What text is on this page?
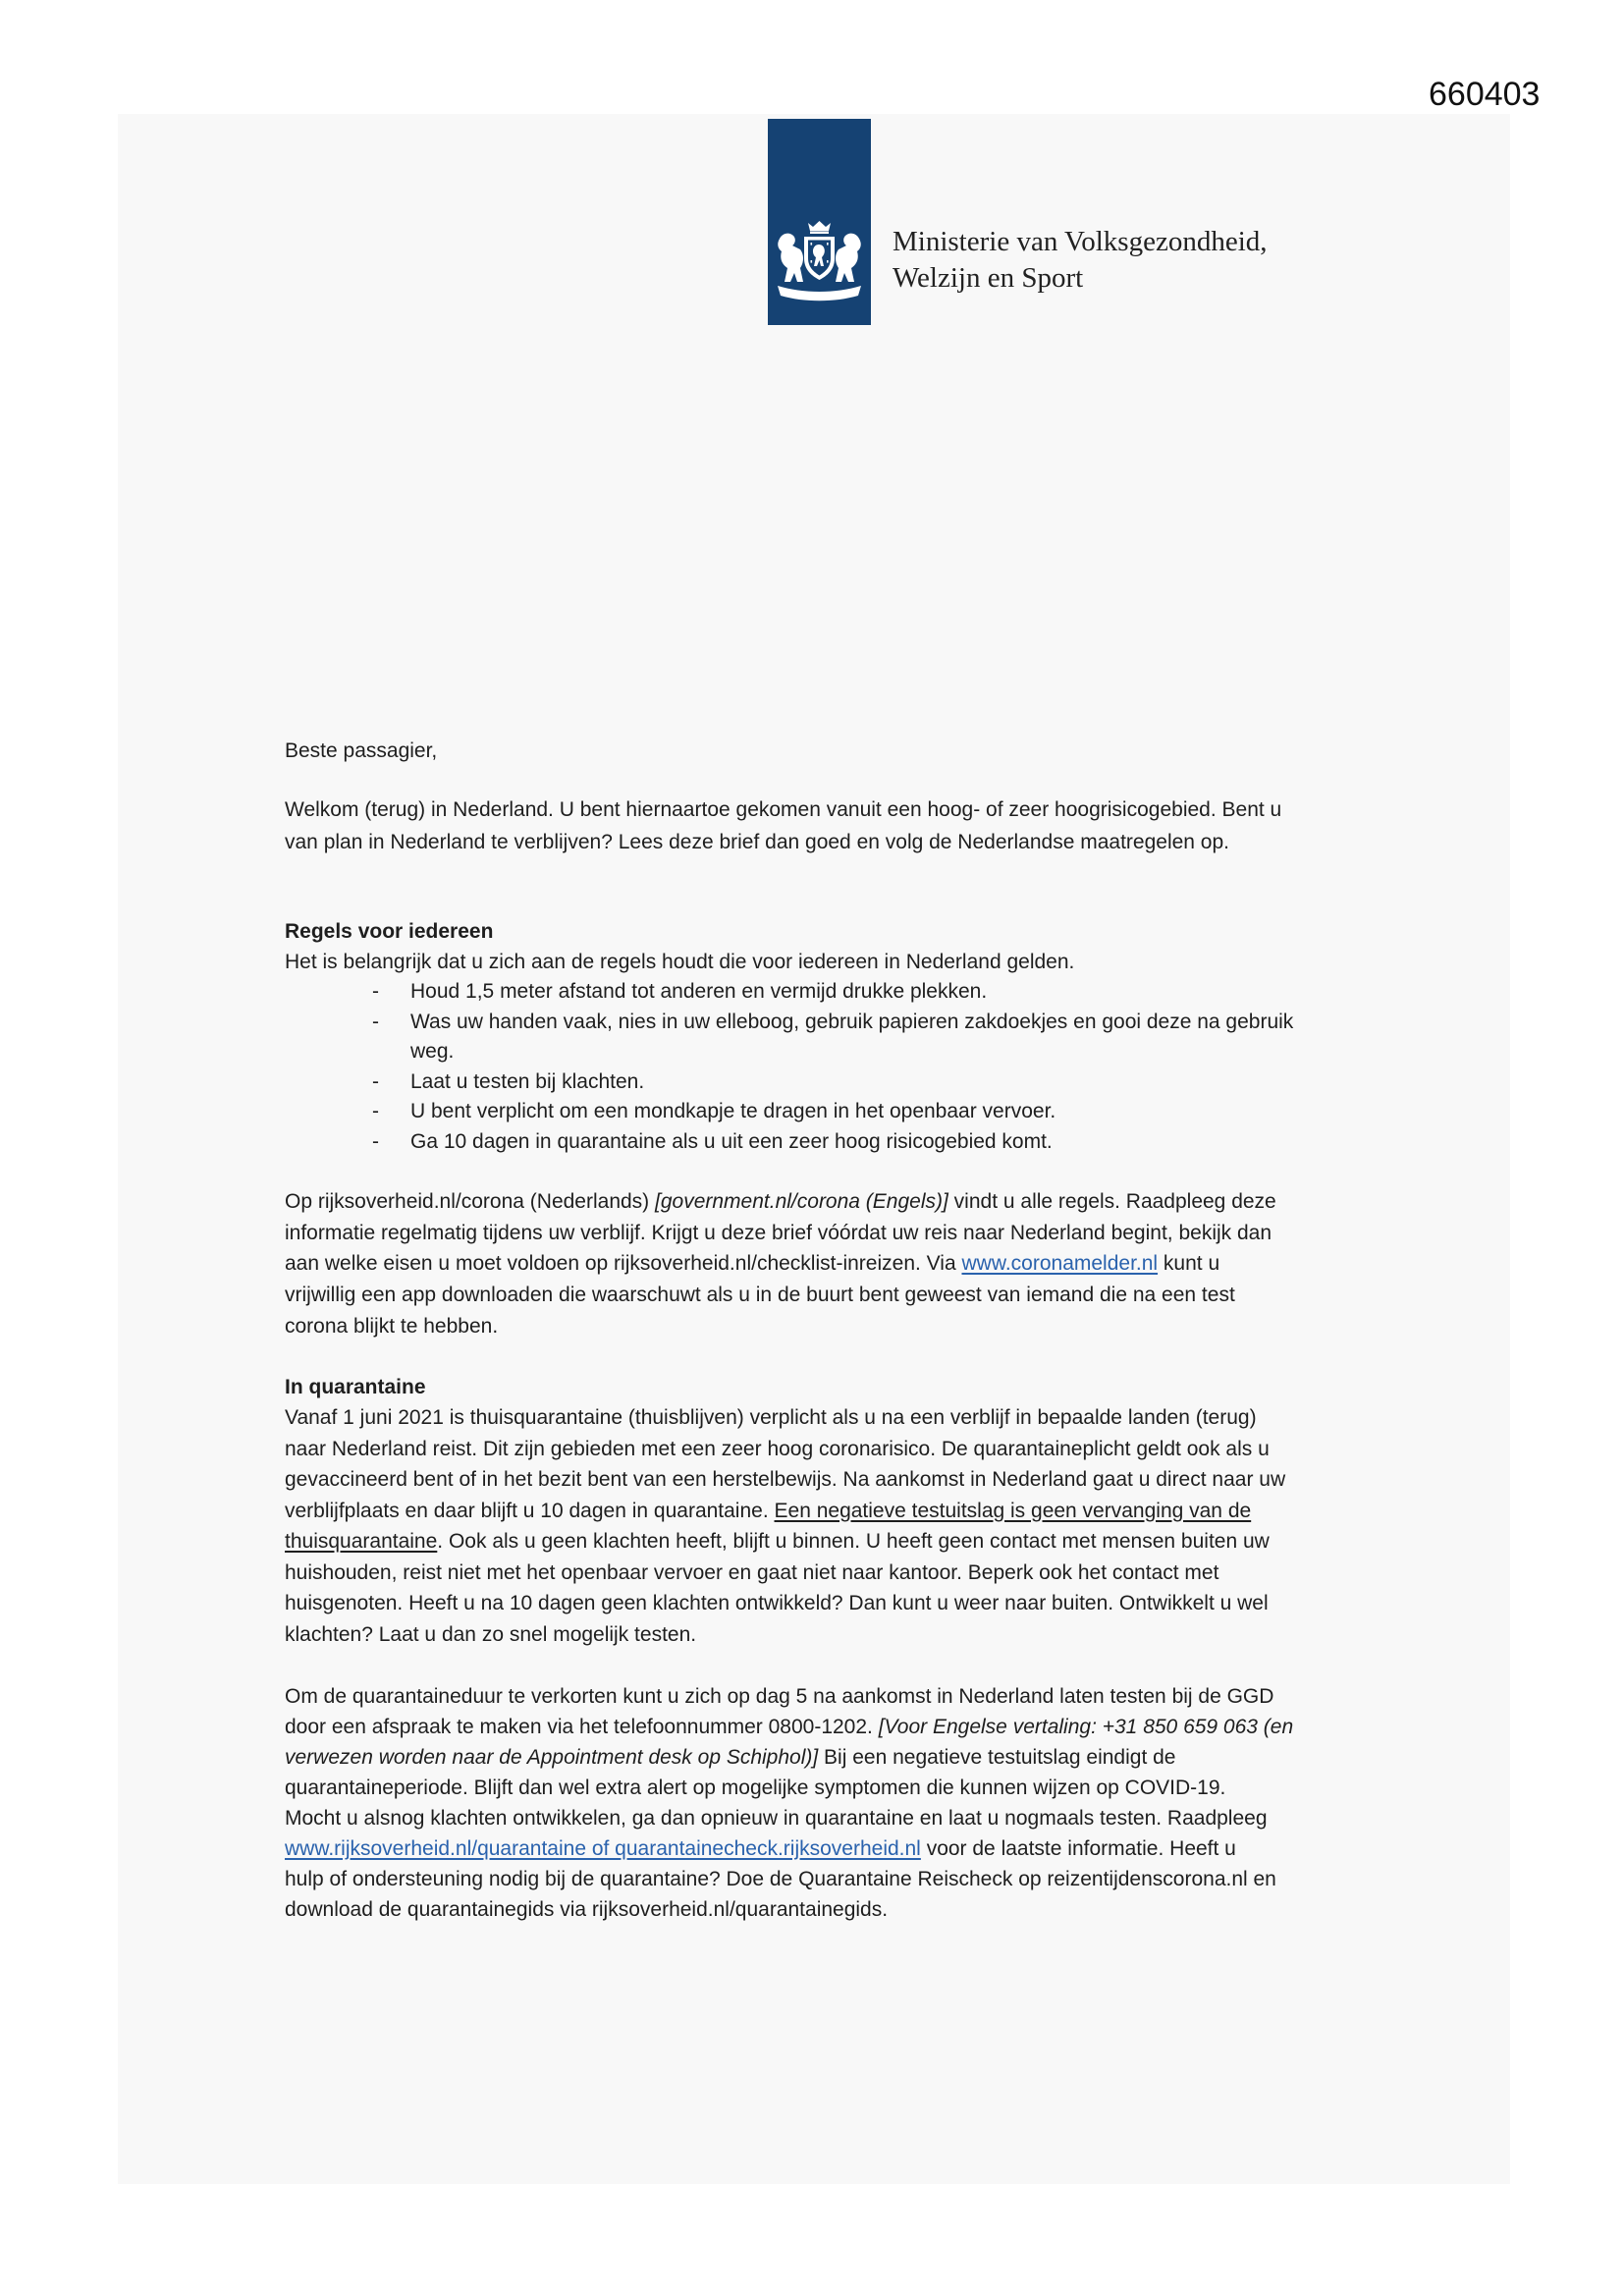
660403
Ministerie van Volksgezondheid,
Welzijn en Sport
Beste passagier,
Welkom (terug) in Nederland. U bent hiernaartoe gekomen vanuit een hoog- of zeer hoogrisicogebied. Bent u
van plan in Nederland te verblijven? Lees deze brief dan goed en volg de Nederlandse maatregelen op.
Regels voor iedereen
Het is belangrijk dat u zich aan de regels houdt die voor iedereen in Nederland gelden.
- Houd 1,5 meter afstand tot anderen en vermijd drukke plekken.
- Was uw handen vaak, nies in uw elleboog, gebruik papieren zakdoekjes en gooi deze na gebruik
weg.
- Laat u testen bij klachten.
- U bent verplicht om een mondkapje te dragen in het openbaar vervoer.
- Ga 10 dagen in quarantaine als u uit een zeer hoog risicogebied komt.
Op rijksoverheid.nl/corona (Nederlands) [government.nl/corona (Engels)] vindt u alle regels. Raadpleeg deze
informatie regelmatig tijdens uw verblijf. Krijgt u deze brief vóórdat uw reis naar Nederland begint, bekijk dan
aan welke eisen u moet voldoen op rijksoverheid.nl/checklist-inreizen. Via www.coronamelder.nl kunt u
vrijwillig een app downloaden die waarschuwt als u in de buurt bent geweest van iemand die na een test
corona blijkt te hebben.
In quarantaine
Vanaf 1 juni 2021 is thuisquarantaine (thuisblijven) verplicht als u na een verblijf in bepaalde landen (terug)
naar Nederland reist. Dit zijn gebieden met een zeer hoog coronarisico. De quarantaineplicht geldt ook als u
gevaccineerd bent of in het bezit bent van een herstelbewijs. Na aankomst in Nederland gaat u direct naar uw
verblijfplaats en daar blijft u 10 dagen in quarantaine. Een negatieve testuitslag is geen vervanging van de
thuisquarantaine. Ook als u geen klachten heeft, blijft u binnen. U heeft geen contact met mensen buiten uw
huishouden, reist niet met het openbaar vervoer en gaat niet naar kantoor. Beperk ook het contact met
huisgenoten. Heeft u na 10 dagen geen klachten ontwikkeld? Dan kunt u weer naar buiten. Ontwikkelt u wel
klachten? Laat u dan zo snel mogelijk testen.
Om de quarantaineduur te verkorten kunt u zich op dag 5 na aankomst in Nederland laten testen bij de GGD
door een afspraak te maken via het telefoonnummer 0800-1202. [Voor Engelse vertaling: +31 850 659 063 (en
verwezen worden naar de Appointment desk op Schiphol)] Bij een negatieve testuitslag eindigt de
quarantaineperiode. Blijft dan wel extra alert op mogelijke symptomen die kunnen wijzen op COVID-19.
Mocht u alsnog klachten ontwikkelen, ga dan opnieuw in quarantaine en laat u nogmaals testen. Raadpleeg
www.rijksoverheid.nl/quarantaine of quarantainecheck.rijksoverheid.nl voor de laatste informatie. Heeft u
hulp of ondersteuning nodig bij de quarantaine? Doe de Quarantaine Reischeck op reizentijdenscorona.nl en
download de quarantainegids via rijksoverheid.nl/quarantainegids.
